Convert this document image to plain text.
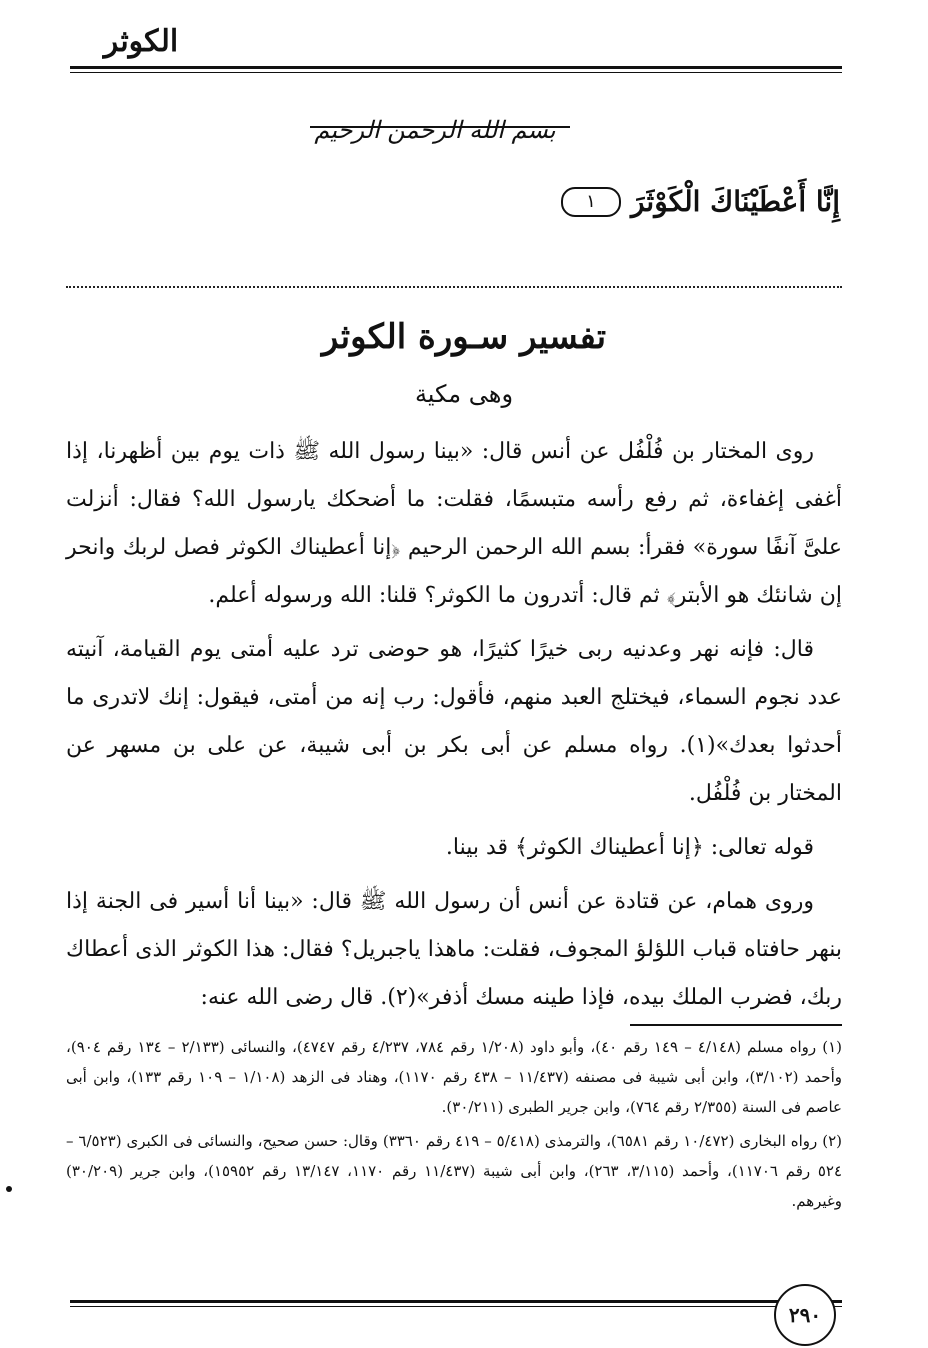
الكوثر
بسم الله الرحمن الرحيم
إِنَّا أَعْطَيْنَاكَ الْكَوْثَرَ
١
تفسير سـورة الكوثر
وهى مكية

روى المختار بن فُلْفُل عن أنس قال: «بينا رسول الله ﷺ ذات يوم بين أظهرنا، إذا أغفى إغفاءة، ثم رفع رأسه متبسمًا، فقلت: ما أضحكك يارسول الله؟ فقال: أنزلت علىَّ آنفًا سورة» فقرأ: بسم الله الرحمن الرحيم ﴿إنا أعطيناك الكوثر فصل لربك وانحر إن شانئك هو الأبتر﴾ ثم قال: أتدرون ما الكوثر؟ قلنا: الله ورسوله أعلم.

قال: فإنه نهر وعدنيه ربى خيرًا كثيرًا، هو حوضى ترد عليه أمتى يوم القيامة، آنيته عدد نجوم السماء، فيختلج العبد منهم، فأقول: رب إنه من أمتى، فيقول: إنك لاتدرى ما أحدثوا بعدك»(١). رواه مسلم عن أبى بكر بن أبى شيبة، عن على بن مسهر عن المختار بن فُلْفُل.

قوله تعالى: ﴿إنا أعطيناك الكوثر﴾ قد بينا.

وروى همام، عن قتادة عن أنس أن رسول الله ﷺ قال: «بينا أنا أسير فى الجنة إذا بنهر حافتاه قباب اللؤلؤ المجوف، فقلت: ماهذا ياجبريل؟ فقال: هذا الكوثر الذى أعطاك ربك، فضرب الملك بيده، فإذا طينه مسك أذفر»(٢). قال رضى الله عنه:

(١) رواه مسلم (٤/١٤٨ – ١٤٩ رقم ٤٠)، وأبو داود (١/٢٠٨ رقم ٧٨٤، ٤/٢٣٧ رقم ٤٧٤٧)، والنسائى (٢/١٣٣ – ١٣٤ رقم ٩٠٤)، وأحمد (٣/١٠٢)، وابن أبى شيبة فى مصنفه (١١/٤٣٧ – ٤٣٨ رقم ١١٧٠)، وهناد فى الزهد (١/١٠٨ – ١٠٩ رقم ١٣٣)، وابن أبى عاصم فى السنة (٢/٣٥٥ رقم ٧٦٤)، وابن جرير الطبرى (٣٠/٢١١).

(٢) رواه البخارى (١٠/٤٧٢ رقم ٦٥٨١)، والترمذى (٥/٤١٨ – ٤١٩ رقم ٣٣٦٠) وقال: حسن صحيح، والنسائى فى الكبرى (٦/٥٢٣ – ٥٢٤ رقم ١١٧٠٦)، وأحمد (٣/١١٥، ٢٦٣)، وابن أبى شيبة (١١/٤٣٧ رقم ١١٧٠، ١٣/١٤٧ رقم ١٥٩٥٢)، وابن جرير (٣٠/٢٠٩) وغيرهم.

٢٩٠
